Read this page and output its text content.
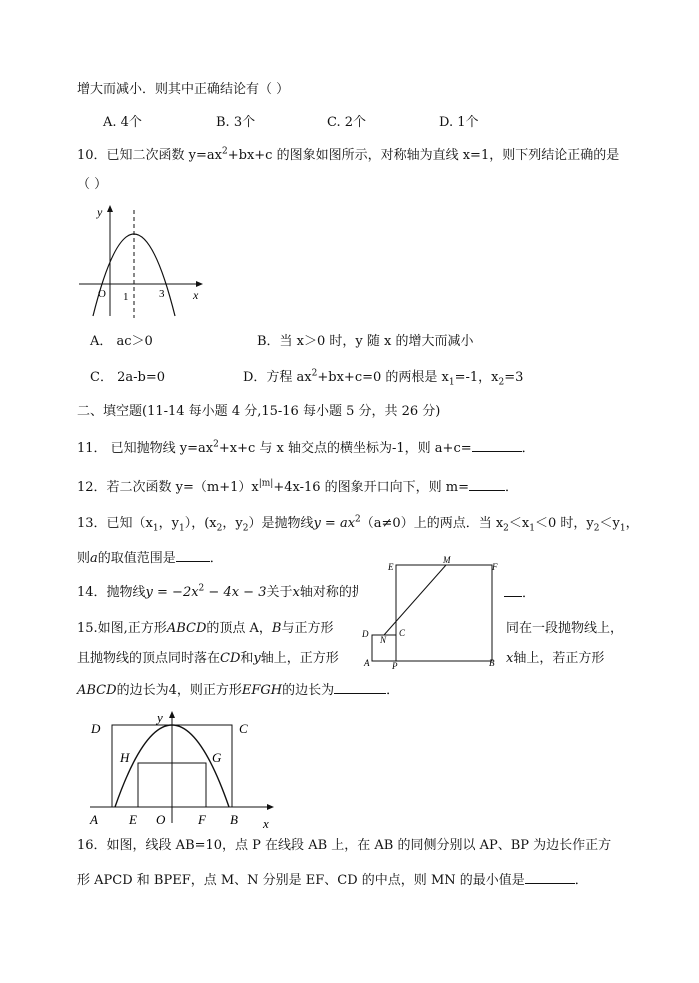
增大而减小．则其中正确结论有（ ）
A. 4个	B. 3个	C. 2个	D. 1个
10．已知二次函数 $y=ax^2+bx+c$ 的图象如图所示，对称轴为直线 x=1，则下列结论正确的是
（ ）
y
x
O 1	3
A． ac＞0	B．当 x＞0 时，y 随 x 的增大而减小
C． 2a-b=0	D．方程 $ax^2+bx+c=0$ 的两根是 $x_1=-1$，$x_2=3$
二、填空题(11-14 每小题 4 分,15-16 每小题 5 分，共 26 分)
11． 已知抛物线 $y=ax^2+x+c$ 与 x 轴交点的横坐标为-1，则 a+c=	．
12．若二次函数 $y=(m+1)x^{|m|}+4x-16$ 的图象开口向下，则 m=	．
13．已知（$x_1$，$y_1$），($x_2$，$y_2$）是抛物线$y = ax^2(a\ne 0)$上的两点．当 $x_2<x_1<0$ 时，$y_2<y_1$，
则a的取值范围是	．
14．抛物线$y = -2x^2 - 4x - 3$关于x轴对称的抛	．
15.如图,正方形ABCD的顶点 A，B与正方形	同在一段抛物线上，
且抛物线的顶点同时落在CD和y轴上，正方形	x轴上，若正方形
ABCD的边长为4，则正方形EFGH的边长为	．
E
M
F
D
N
C
A	P	B
D	C
y
H	G
A E O	F B x
16．如图，线段 AB=10，点 P 在线段 AB 上，在 AB 的同侧分别以 AP、BP 为边长作正方
形 APCD 和 BPEF，点 M、N 分别是 EF、CD 的中点，则 MN 的最小值是	．
